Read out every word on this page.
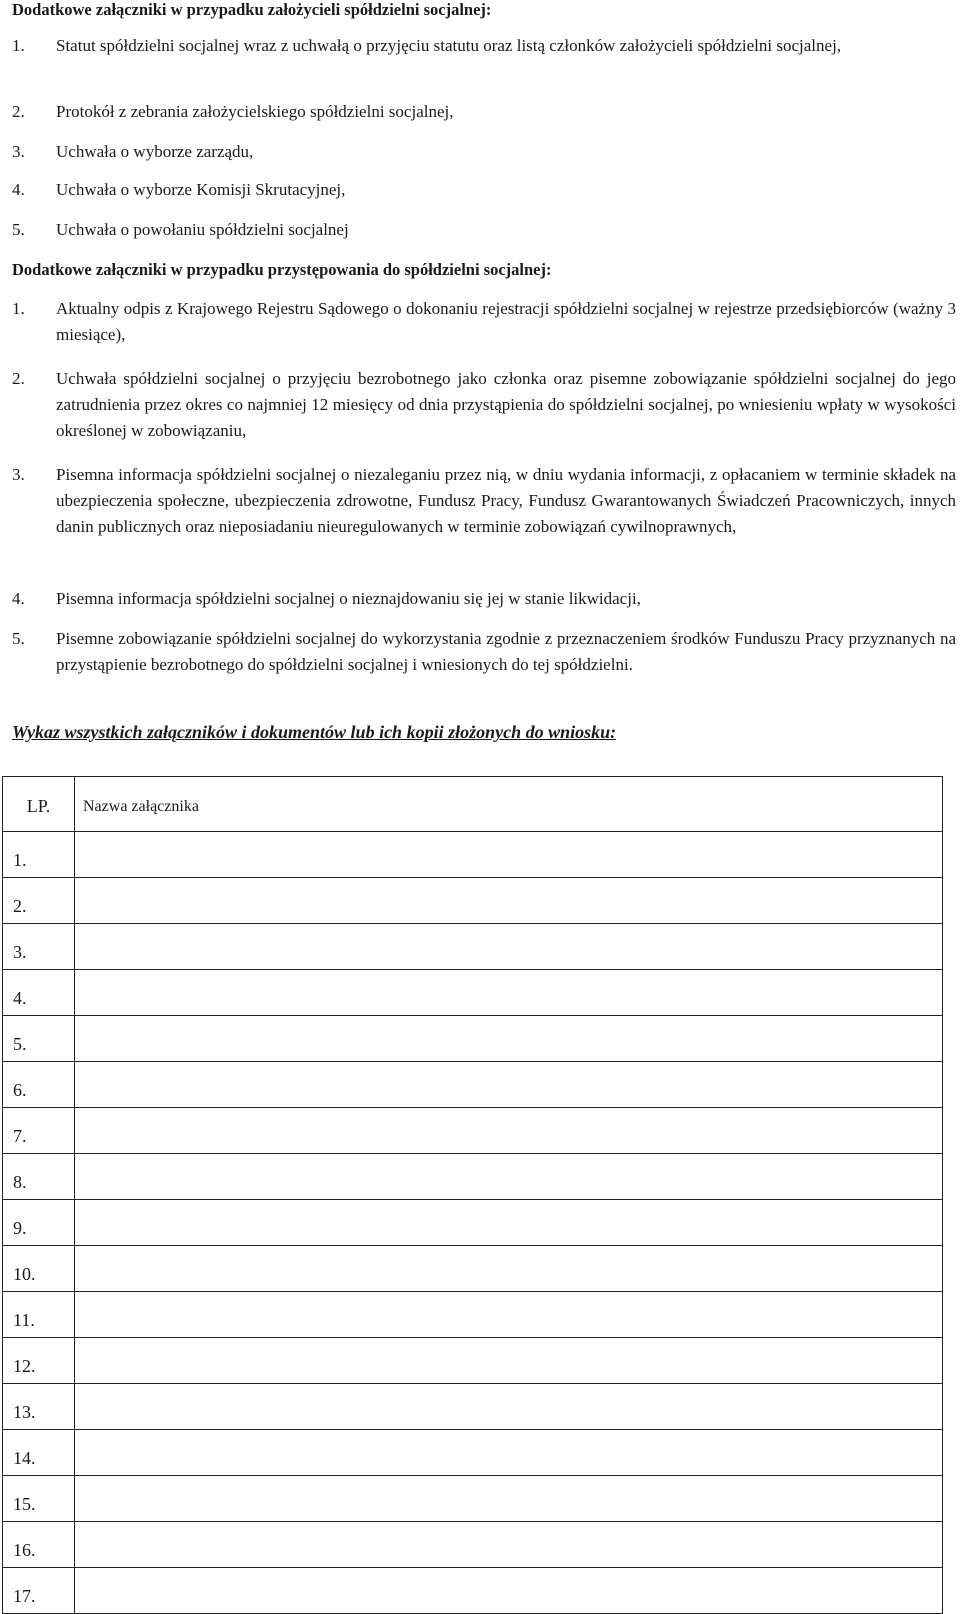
Dodatkowe załączniki w przypadku założycieli spółdzielni socjalnej:
1.	Statut spółdzielni socjalnej wraz z uchwałą o przyjęciu statutu oraz listą członków założycieli spółdzielni socjalnej,
2.	Protokół z zebrania założycielskiego spółdzielni socjalnej,
3.	Uchwała o wyborze zarządu,
4.	Uchwała o wyborze Komisji Skrutacyjnej,
5.	Uchwała o powołaniu spółdzielni socjalnej
Dodatkowe załączniki w przypadku przystępowania do spółdzielni socjalnej:
1.	Aktualny odpis z Krajowego Rejestru Sądowego o dokonaniu rejestracji spółdzielni socjalnej w rejestrze przedsiębiorców (ważny 3 miesiące),
2.	Uchwała spółdzielni socjalnej o przyjęciu bezrobotnego jako członka oraz pisemne zobowiązanie spółdzielni socjalnej do jego zatrudnienia przez okres co najmniej 12 miesięcy od dnia przystąpienia do spółdzielni socjalnej, po wniesieniu wpłaty w wysokości określonej w zobowiązaniu,
3.	Pisemna informacja spółdzielni socjalnej o niezaleganiu przez nią, w dniu wydania informacji, z opłacaniem w terminie składek na ubezpieczenia społeczne, ubezpieczenia zdrowotne, Fundusz Pracy, Fundusz Gwarantowanych Świadczeń Pracowniczych, innych danin publicznych oraz nieposiadaniu nieuregulowanych w terminie zobowiązań cywilnoprawnych,
4.	Pisemna informacja spółdzielni socjalnej o nieznajdowaniu się jej w stanie likwidacji,
5.	Pisemne zobowiązanie spółdzielni socjalnej do wykorzystania zgodnie z przeznaczeniem środków Funduszu Pracy przyznanych na przystąpienie bezrobotnego do spółdzielni socjalnej i wniesionych do tej spółdzielni.
Wykaz wszystkich załączników i dokumentów lub ich kopii złożonych do wniosku:
LP.	Nazwa załącznika
1.	
2.	
3.	
4.	
5.	
6.	
7.	
8.	
9.	
10.	
11.	
12.	
13.	
14.	
15.	
16.	
17.	
